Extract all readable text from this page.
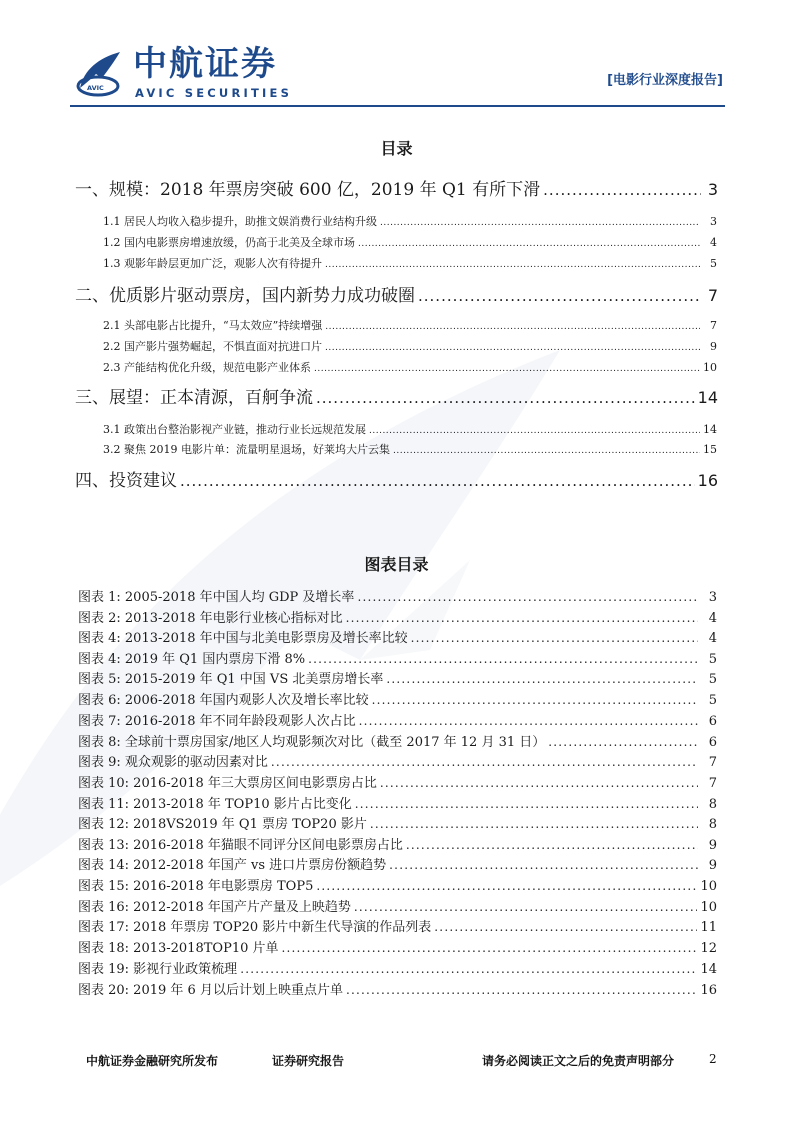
AVIC
中航证券
AVIC SECURITIES
[电影行业深度报告]
目录
一、规模：2018 年票房突破 600 亿，2019 年 Q1 有所下滑 .....	3
1.1 居民人均收入稳步提升，助推文娱消费行业结构升级 .....	3
1.2 国内电影票房增速放缓，仍高于北美及全球市场 .....	4
1.3 观影年龄层更加广泛，观影人次有待提升 .....	5
二、优质影片驱动票房，国内新势力成功破圈 .....	7
2.1 头部电影占比提升，“马太效应”持续增强 .....	7
2.2 国产影片强势崛起，不惧直面对抗进口片 .....	9
2.3 产能结构优化升级，规范电影产业体系 .....	10
三、展望：正本清源，百舸争流 .....	14
3.1 政策出台整治影视产业链，推动行业长远规范发展 .....	14
3.2 聚焦 2019 电影片单：流量明星退场，好莱坞大片云集 .....	15
四、投资建议 .....	16
图表目录
图表 1: 2005-2018 年中国人均 GDP 及增长率 .....	3
图表 2: 2013-2018 年电影行业核心指标对比 .....	4
图表 4: 2013-2018 年中国与北美电影票房及增长率比较 .....	4
图表 4: 2019 年 Q1 国内票房下滑 8% .....	5
图表 5: 2015-2019 年 Q1 中国 VS 北美票房增长率 .....	5
图表 6: 2006-2018 年国内观影人次及增长率比较 .....	5
图表 7: 2016-2018 年不同年龄段观影人次占比 .....	6
图表 8: 全球前十票房国家/地区人均观影频次对比（截至 2017 年 12 月 31 日） .....	6
图表 9: 观众观影的驱动因素对比 .....	7
图表 10: 2016-2018 年三大票房区间电影票房占比 .....	7
图表 11: 2013-2018 年 TOP10 影片占比变化 .....	8
图表 12: 2018VS2019 年 Q1 票房 TOP20 影片 .....	8
图表 13: 2016-2018 年猫眼不同评分区间电影票房占比 .....	9
图表 14: 2012-2018 年国产 vs 进口片票房份额趋势 .....	9
图表 15: 2016-2018 年电影票房 TOP5 .....	10
图表 16: 2012-2018 年国产片产量及上映趋势 .....	10
图表 17: 2018 年票房 TOP20 影片中新生代导演的作品列表 .....	11
图表 18: 2013-2018TOP10 片单 .....	12
图表 19: 影视行业政策梳理 .....	14
图表 20: 2019 年 6 月以后计划上映重点片单 .....	16
中航证券金融研究所发布	证券研究报告	请务必阅读正文之后的免责声明部分	2
